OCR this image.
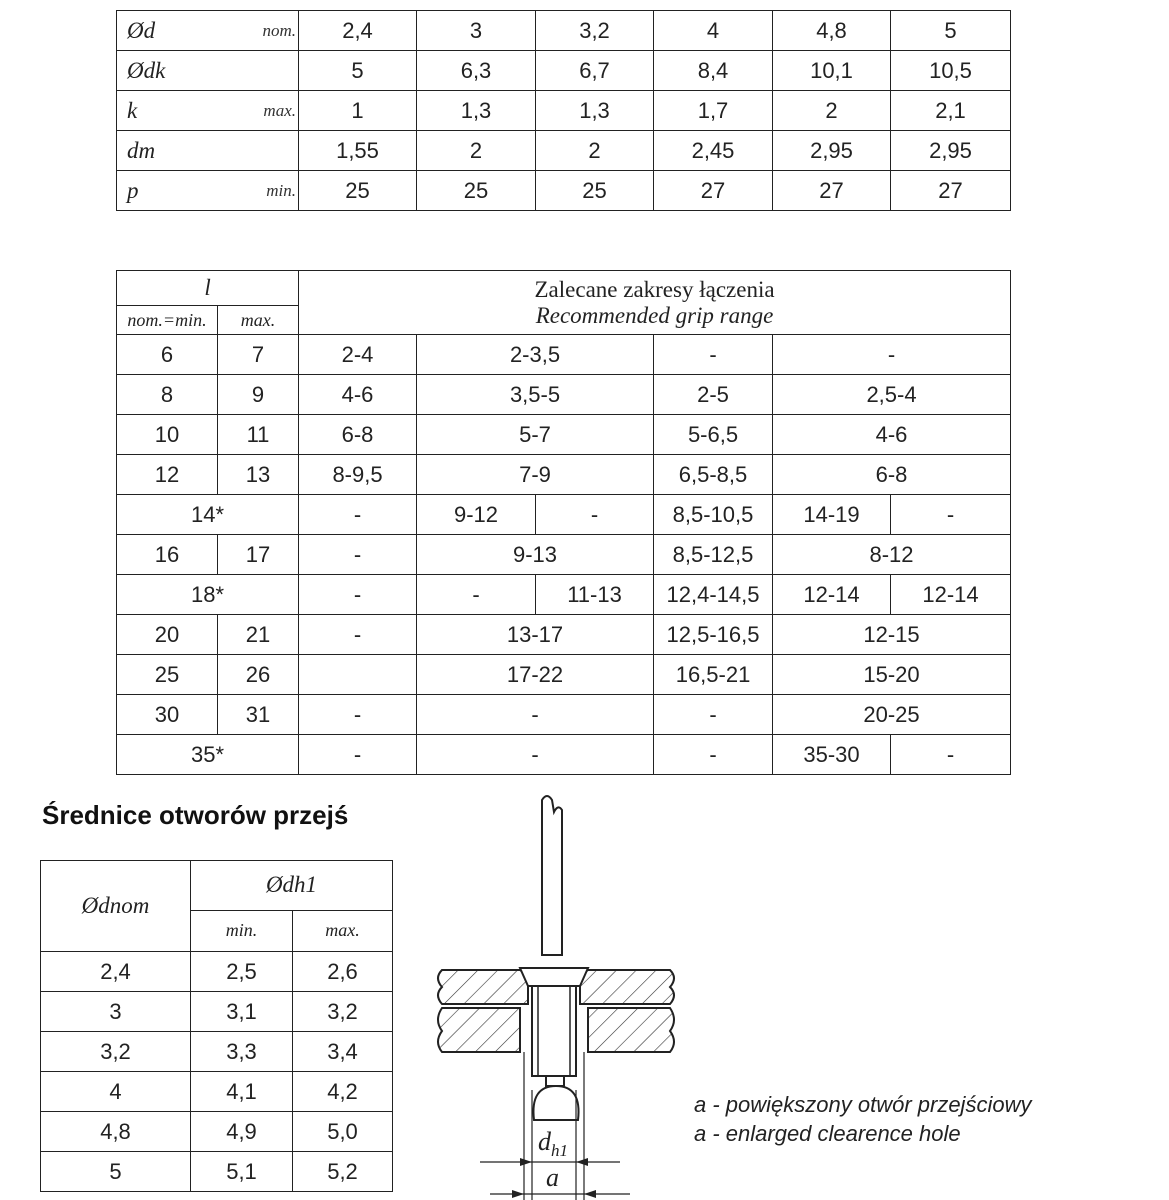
Ød nom.	2,4	3	3,2	4	4,8	5

Ødk	5	6,3	6,7	8,4	10,1	10,5

k max.	1	1,3	1,3	1,7	2	2,1

dm	1,55	2	2	2,45	2,95	2,95

p min.	25	25	25	27	27	27
l		Zalecane zakresy łączenia
Recommended grip range					

nom.=min.	max.						
6	7	2-4	2-3,5		-	-	
8	9	4-6	3,5-5		2-5	2,5-4	
10	11	6-8	5-7		5-6,5	4-6	
12	13	8-9,5	7-9		6,5-8,5	6-8	
14*		-	9-12	-	8,5-10,5	14-19	-
16	17	-	9-13		8,5-12,5	8-12	
18*		-	-	11-13	12,4-14,5	12-14	12-14
20	21	-	13-17		12,5-16,5	12-15	
25	26		17-22		16,5-21	15-20	
30	31	-	-		-	20-25	
35*		-	-		-	35-30	-
Średnice otworów przejś
Ødnom	Ødh1	
	min.	max.
2,4	2,5	2,6
3	3,1	3,2
3,2	3,3	3,4
4	4,1	4,2
4,8	4,9	5,0
5	5,1	5,2
$d_{h1}$
a
a - powiększony otwór przejściowy
a - enlarged clearence hole
